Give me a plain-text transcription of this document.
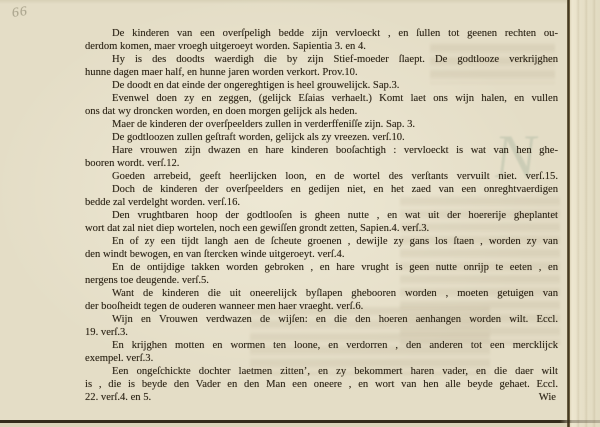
66
N

De kinderen van een overſpeligh bedde zijn vervloeckt , en ſullen tot geenen rechten ou-
derdom komen, maer vroegh uitgeroeyt worden. Sapientia 3. en 4.

Hy is des doodts waerdigh die by zijn Stief-moeder ſlaept. De godtlooze verkrijghen
hunne dagen maer half, en hunne jaren worden verkort. Prov.10.

De doodt en dat einde der ongereghtigen is heel grouwelijck. Sap.3.

Evenwel doen zy en zeggen, (gelijck Eſaias verhaelt.) Komt laet ons wijn halen, en vullen
ons dat wy droncken worden, en doen morgen gelijck als heden.

Maer de kinderen der overſpeelders zullen in verderffeniſſe zijn. Sap. 3.

De godtloozen zullen geſtraft worden, gelijck als zy vreezen. verſ.10.

Hare vrouwen zijn dwazen en hare kinderen booſachtigh : vervloeckt is wat van hen ghe-
booren wordt. verſ.12.

Goeden arrebeid, geeft heerlijcken loon, en de wortel des verſtants vervuilt niet. verſ.15.

Doch de kinderen der overſpeelders en gedijen niet, en het zaed van een onreghtvaerdigen
bedde zal verdelght worden. verſ.16.

Den vrughtbaren hoop der godtlooſen is gheen nutte , en wat uit der hoererije gheplantet
wort dat zal niet diep wortelen, noch een gewiſſen grondt zetten, Sapien.4. verſ.3.

En of zy een tijdt langh aen de ſcheute groenen , dewijle zy gans los ſtaen , worden zy van
den windt bewogen, en van ſtercken winde uitgeroeyt. verſ.4.

En de ontijdige takken worden gebroken , en hare vrught is geen nutte onrijp te eeten , en
nergens toe deugende. verſ.5.

Want de kinderen die uit oneerelijck byſlapen ghebooren worden , moeten getuigen van
der booſheidt tegen de ouderen wanneer men haer vraeght. verſ.6.

Wijn en Vrouwen verdwazen de wijſen: en die den hoeren aenhangen worden wilt. Eccl.
19. verſ.3.

En krijghen motten en wormen ten loone, en verdorren , den anderen tot een mercklijck
exempel. verſ.3.

Een ongeſchickte dochter laetmen zitten’, en zy bekommert haren vader, en die daer wilt
is , die is beyde den Vader en den Man een oneere , en wort van hen alle beyde gehaet. Eccl.
22. verſ.4. en 5.	Wie
